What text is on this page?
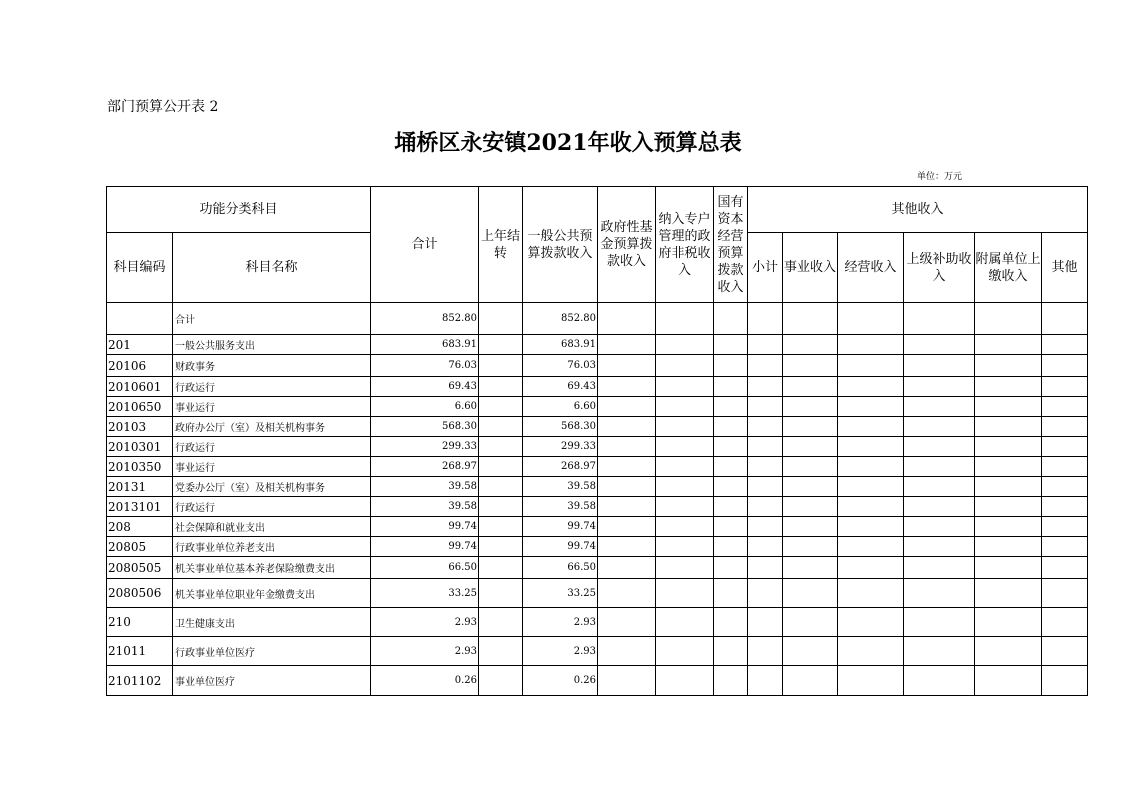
部门预算公开表 2
埇桥区永安镇2021年收入预算总表
单位：万元
功能分类科目		合计	上年结转	一般公共预算拨款收入	政府性基金预算拨款收入	纳入专户管理的政府非税收入	国有资本经营预算拨款收入	其他收入					
科目编码	科目名称							小计	事业收入	经营收入	上级补助收入	附属单位上缴收入	其他
	合计	852.80		852.80									
201	一般公共服务支出	683.91		683.91									
20106	财政事务	76.03		76.03									
2010601	行政运行	69.43		69.43									
2010650	事业运行	6.60		6.60									
20103	政府办公厅（室）及相关机构事务	568.30		568.30									
2010301	行政运行	299.33		299.33									
2010350	事业运行	268.97		268.97									
20131	党委办公厅（室）及相关机构事务	39.58		39.58									
2013101	行政运行	39.58		39.58									
208	社会保障和就业支出	99.74		99.74									
20805	行政事业单位养老支出	99.74		99.74									
2080505	机关事业单位基本养老保险缴费支出	66.50		66.50									
2080506	机关事业单位职业年金缴费支出	33.25		33.25									
210	卫生健康支出	2.93		2.93									
21011	行政事业单位医疗	2.93		2.93									
2101102	事业单位医疗	0.26		0.26									
